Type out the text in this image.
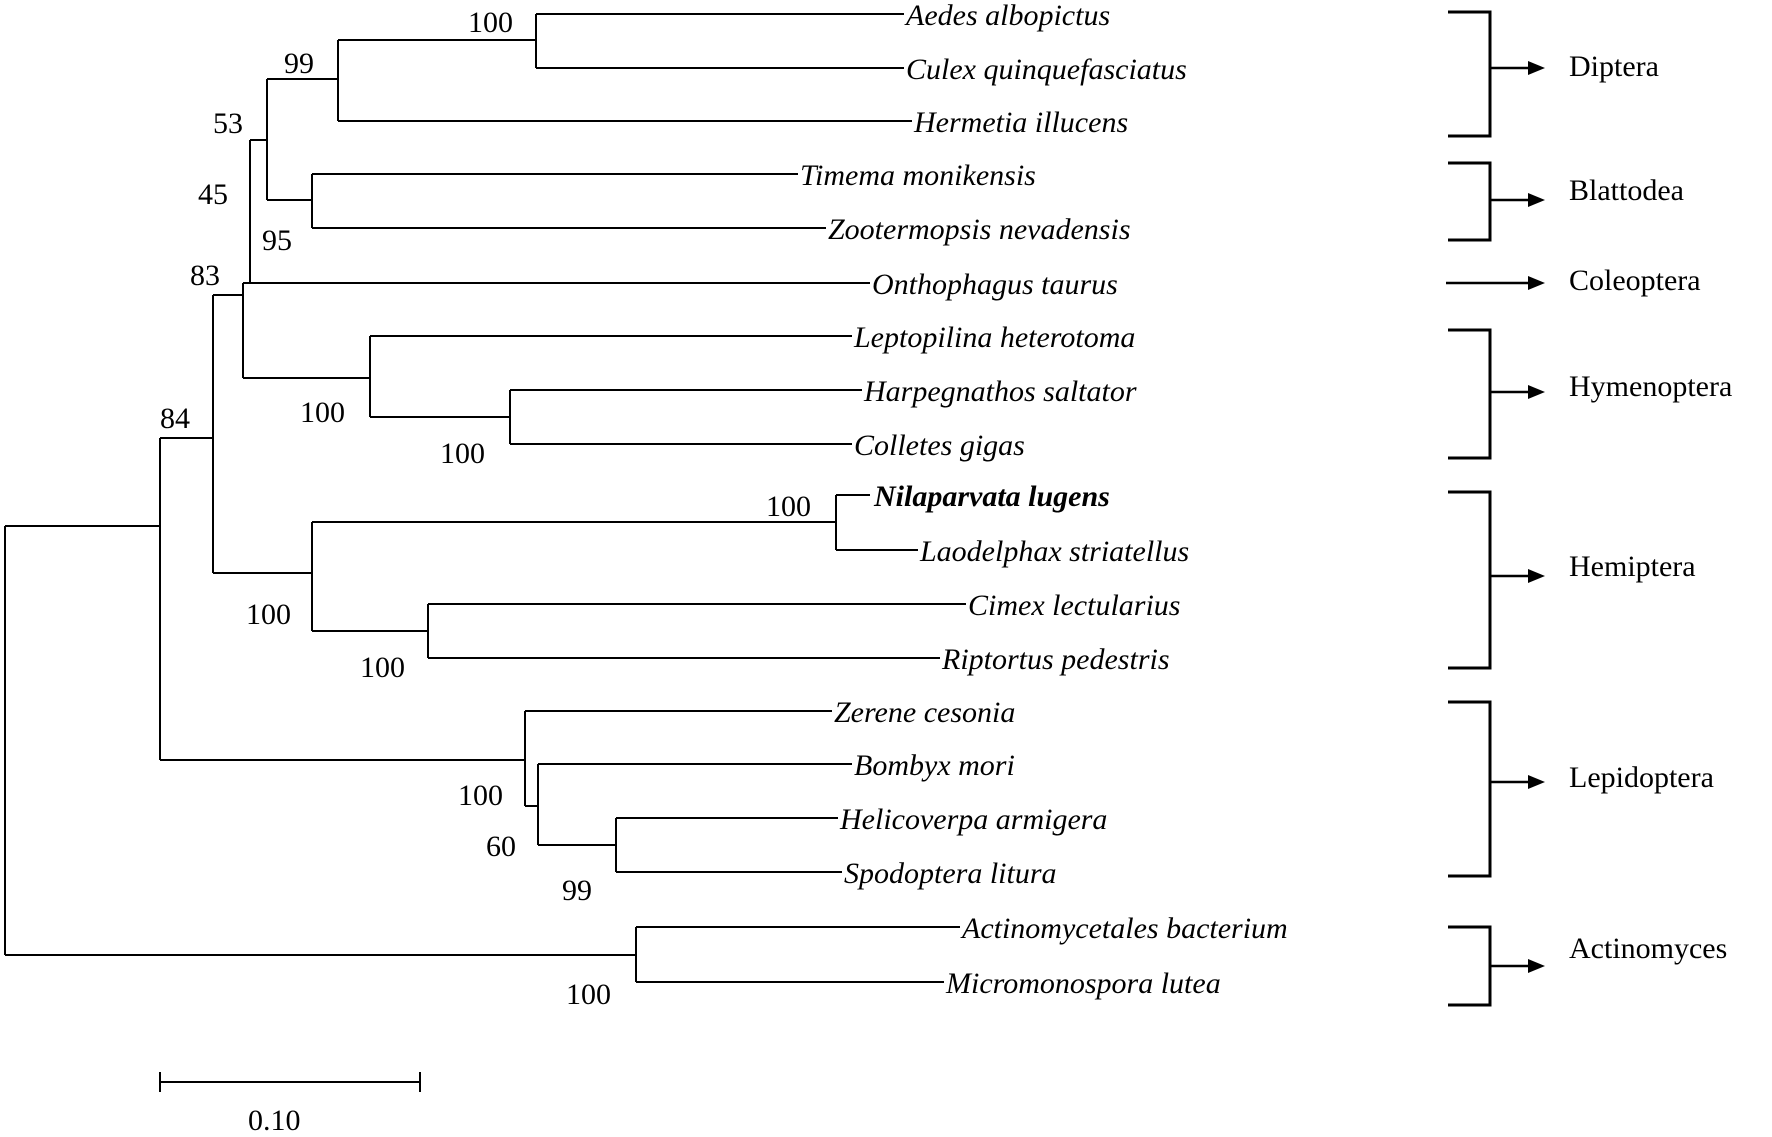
Aedes albopictus
Culex quinquefasciatus
Hermetia illucens
Timema monikensis
Zootermopsis nevadensis
Onthophagus taurus
Leptopilina heterotoma
Harpegnathos saltator
Colletes gigas
Nilaparvata lugens
Laodelphax striatellus
Cimex lectularius
Riptortus pedestris
Zerene cesonia
Bombyx mori
Helicoverpa armigera
Spodoptera litura
Actinomycetales bacterium
Micromonospora lutea
100
99
53
45
95
83
100
100
84
100
100
100
100
60
99
100
Diptera
Blattodea
Coleoptera
Hymenoptera
Hemiptera
Lepidoptera
Actinomyces
0.10
